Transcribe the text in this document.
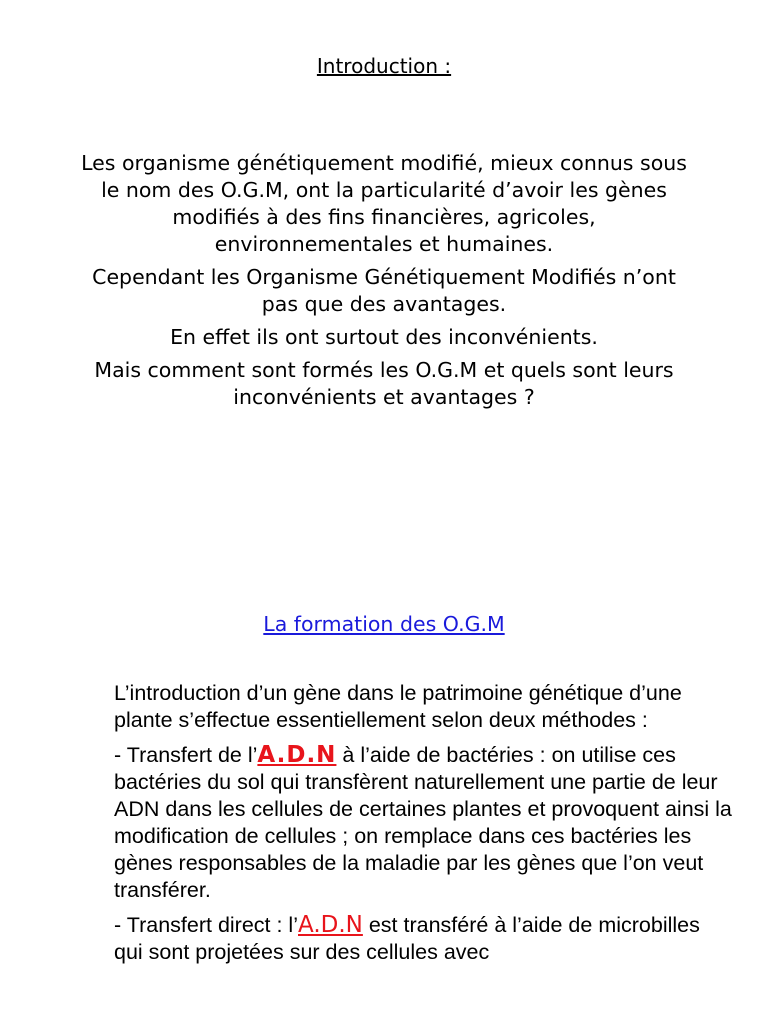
Introduction :

Les organisme génétiquement modifié, mieux connus sous le nom des O.G.M, ont la particularité d’avoir les gènes modifiés à des fins financières, agricoles, environnementales et humaines.

Cependant les Organisme Génétiquement Modifiés n’ont pas que des avantages.

En effet ils ont surtout des inconvénients.

Mais comment sont formés les O.G.M et quels sont leurs inconvénients et avantages ?

La formation des O.G.M

L’introduction d’un gène dans le patrimoine génétique d’une plante s’effectue essentiellement selon deux méthodes :

- Transfert de l’A.D.N à l’aide de bactéries : on utilise ces bactéries du sol qui transfèrent naturellement une partie de leur ADN dans les cellules de certaines plantes et provoquent ainsi la modification de cellules ; on remplace dans ces bactéries les gènes responsables de la maladie par les gènes que l’on veut transférer.

- Transfert direct : l’A.D.N est transféré à l’aide de microbilles qui sont projetées sur des cellules avec
